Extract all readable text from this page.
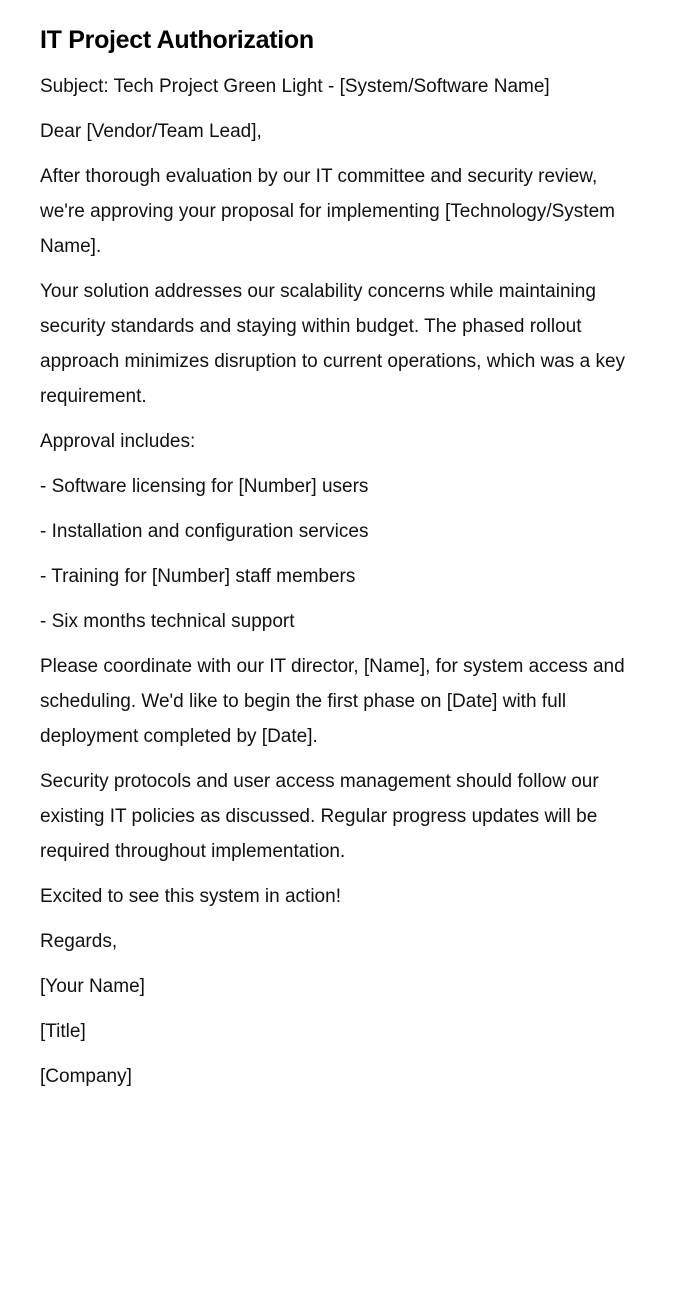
IT Project Authorization

Subject: Tech Project Green Light - [System/Software Name]

Dear [Vendor/Team Lead],

After thorough evaluation by our IT committee and security review, we're approving your proposal for implementing [Technology/System Name].

Your solution addresses our scalability concerns while maintaining security standards and staying within budget. The phased rollout approach minimizes disruption to current operations, which was a key requirement.

Approval includes:

- Software licensing for [Number] users

- Installation and configuration services

- Training for [Number] staff members

- Six months technical support

Please coordinate with our IT director, [Name], for system access and scheduling. We'd like to begin the first phase on [Date] with full deployment completed by [Date].

Security protocols and user access management should follow our existing IT policies as discussed. Regular progress updates will be required throughout implementation.

Excited to see this system in action!

Regards,

[Your Name]

[Title]

[Company]
